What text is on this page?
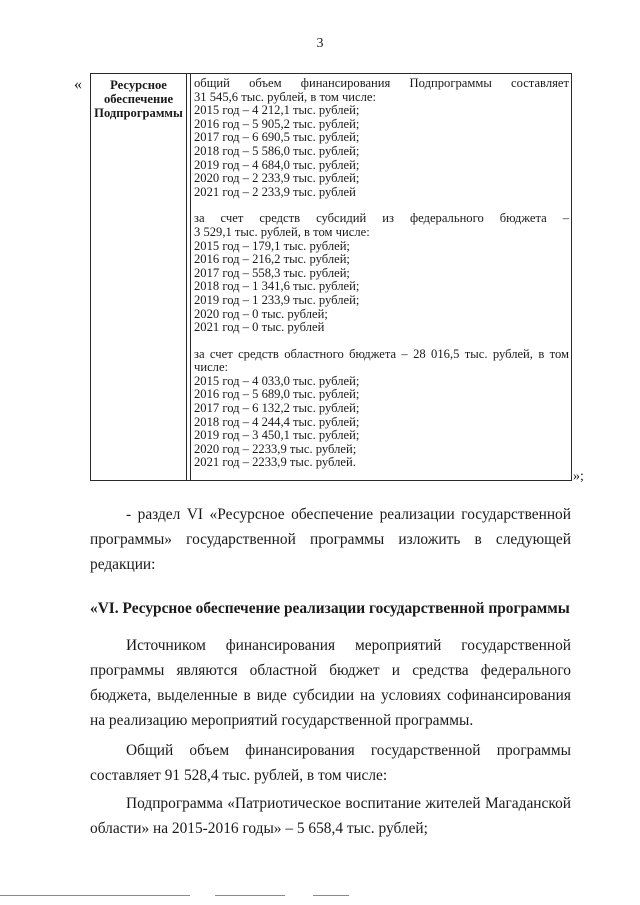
3
«	Ресурсное обеспечение Подпрограммы

общий объем финансирования Подпрограммы составляет

31 545,6 тыс. рублей, в том числе:

2015 год – 4 212,1 тыс. рублей;

2016 год – 5 905,2 тыс. рублей;

2017 год – 6 690,5 тыс. рублей;

2018 год – 5 586,0 тыс. рублей;

2019 год – 4 684,0 тыс. рублей;

2020 год – 2 233,9 тыс. рублей;

2021 год – 2 233,9 тыс. рублей

за счет средств субсидий из федерального бюджета –

3 529,1 тыс. рублей, в том числе:

2015 год – 179,1 тыс. рублей;

2016 год – 216,2 тыс. рублей;

2017 год – 558,3 тыс. рублей;

2018 год – 1 341,6 тыс. рублей;

2019 год – 1 233,9 тыс. рублей;

2020 год – 0 тыс. рублей;

2021 год – 0 тыс. рублей

за счет средств областного бюджета – 28 016,5 тыс. рублей, в том

числе:

2015 год – 4 033,0 тыс. рублей;

2016 год – 5 689,0 тыс. рублей;

2017 год – 6 132,2 тыс. рублей;

2018 год – 4 244,4 тыс. рублей;

2019 год – 3 450,1 тыс. рублей;

2020 год – 2233,9 тыс. рублей;

2021 год – 2233,9 тыс. рублей.

»;
- раздел VI «Ресурсное обеспечение реализации государственной
программы» государственной программы изложить в следующей
редакции:
«VI. Ресурсное обеспечение реализации государственной программы
Источником финансирования мероприятий государственной
программы являются областной бюджет и средства федерального
бюджета, выделенные в виде субсидии на условиях софинансирования
на реализацию мероприятий государственной программы.
Общий объем финансирования государственной программы
составляет 91 528,4 тыс. рублей, в том числе:
Подпрограмма «Патриотическое воспитание жителей Магаданской
области» на 2015-2016 годы» – 5 658,4 тыс. рублей;
